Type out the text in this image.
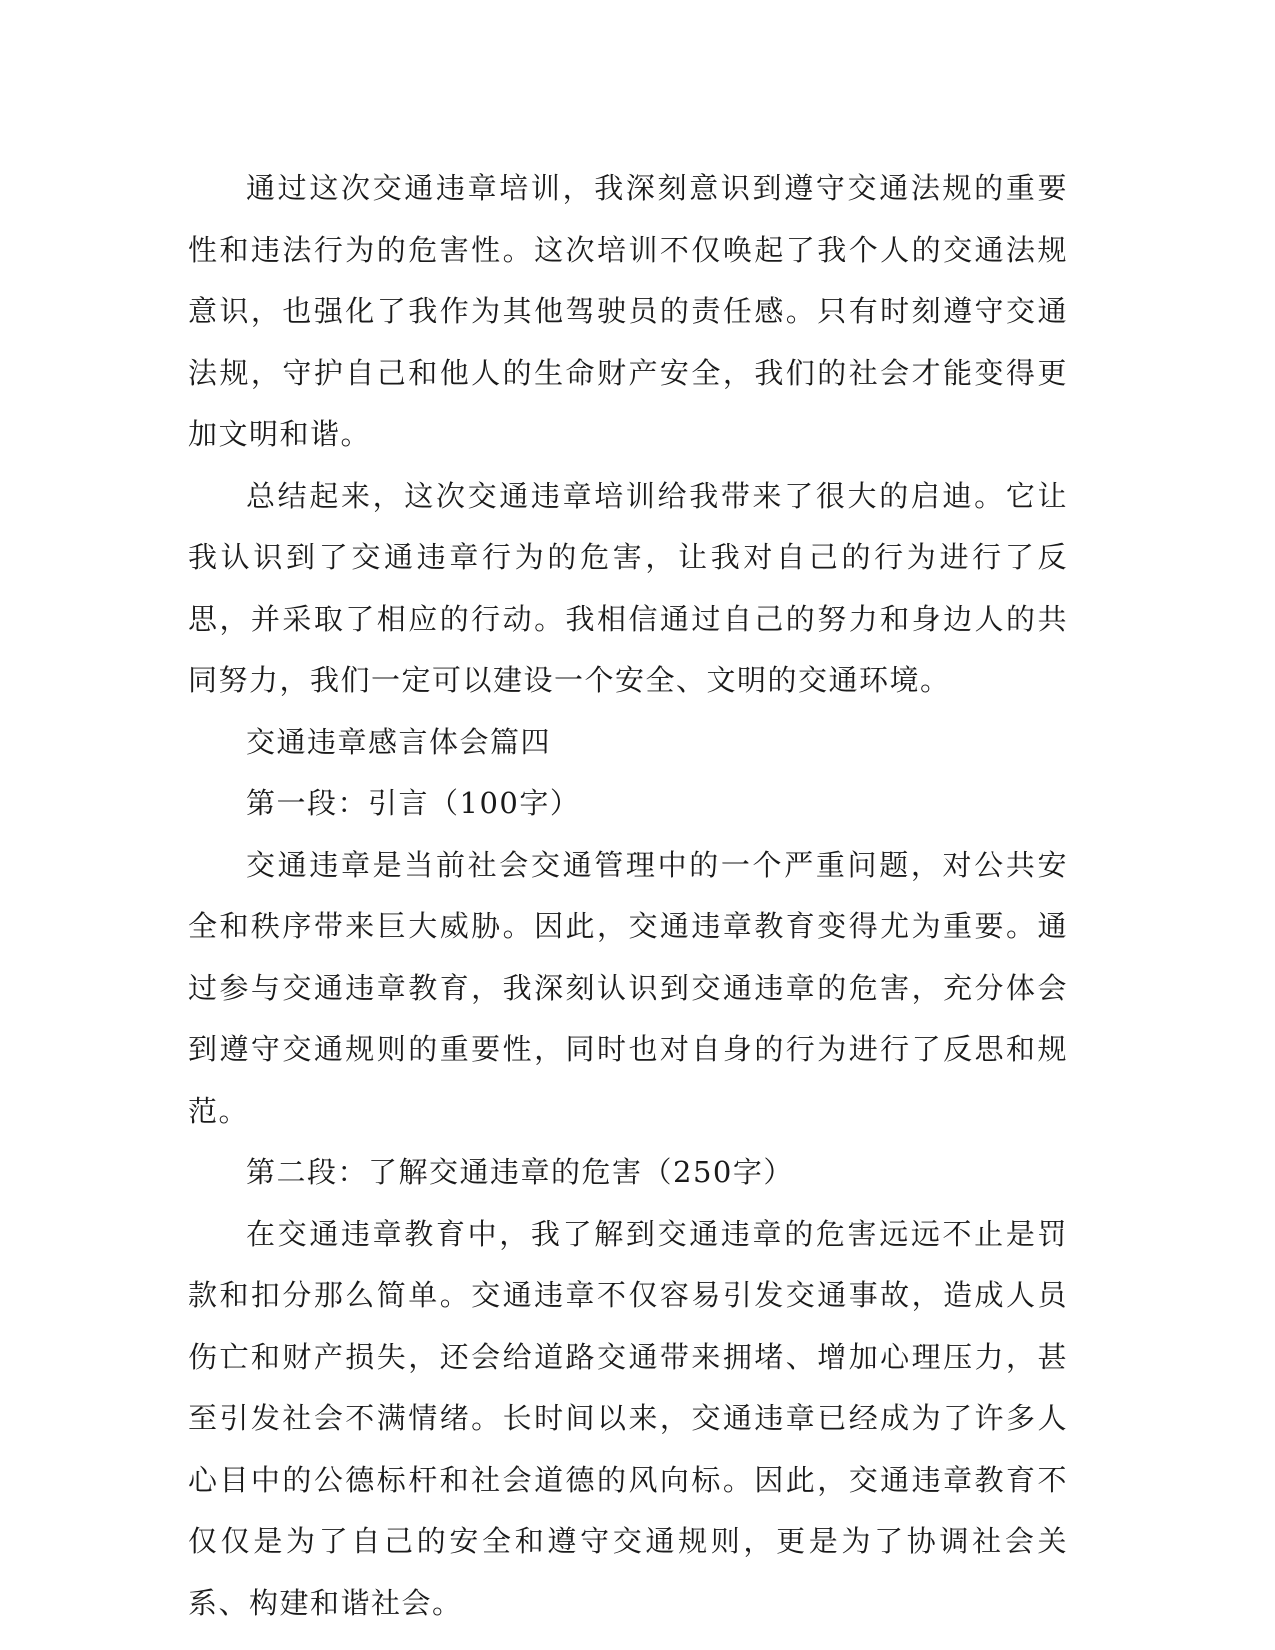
通过这次交通违章培训，我深刻意识到遵守交通法规的重要性和违法行为的危害性。这次培训不仅唤起了我个人的交通法规意识，也强化了我作为其他驾驶员的责任感。只有时刻遵守交通法规，守护自己和他人的生命财产安全，我们的社会才能变得更加文明和谐。

总结起来，这次交通违章培训给我带来了很大的启迪。它让我认识到了交通违章行为的危害，让我对自己的行为进行了反思，并采取了相应的行动。我相信通过自己的努力和身边人的共同努力，我们一定可以建设一个安全、文明的交通环境。

交通违章感言体会篇四

第一段：引言（100字）

交通违章是当前社会交通管理中的一个严重问题，对公共安全和秩序带来巨大威胁。因此，交通违章教育变得尤为重要。通过参与交通违章教育，我深刻认识到交通违章的危害，充分体会到遵守交通规则的重要性，同时也对自身的行为进行了反思和规范。

第二段：了解交通违章的危害（250字）

在交通违章教育中，我了解到交通违章的危害远远不止是罚款和扣分那么简单。交通违章不仅容易引发交通事故，造成人员伤亡和财产损失，还会给道路交通带来拥堵、增加心理压力，甚至引发社会不满情绪。长时间以来，交通违章已经成为了许多人心目中的公德标杆和社会道德的风向标。因此，交通违章教育不仅仅是为了自己的安全和遵守交通规则，更是为了协调社会关系、构建和谐社会。
